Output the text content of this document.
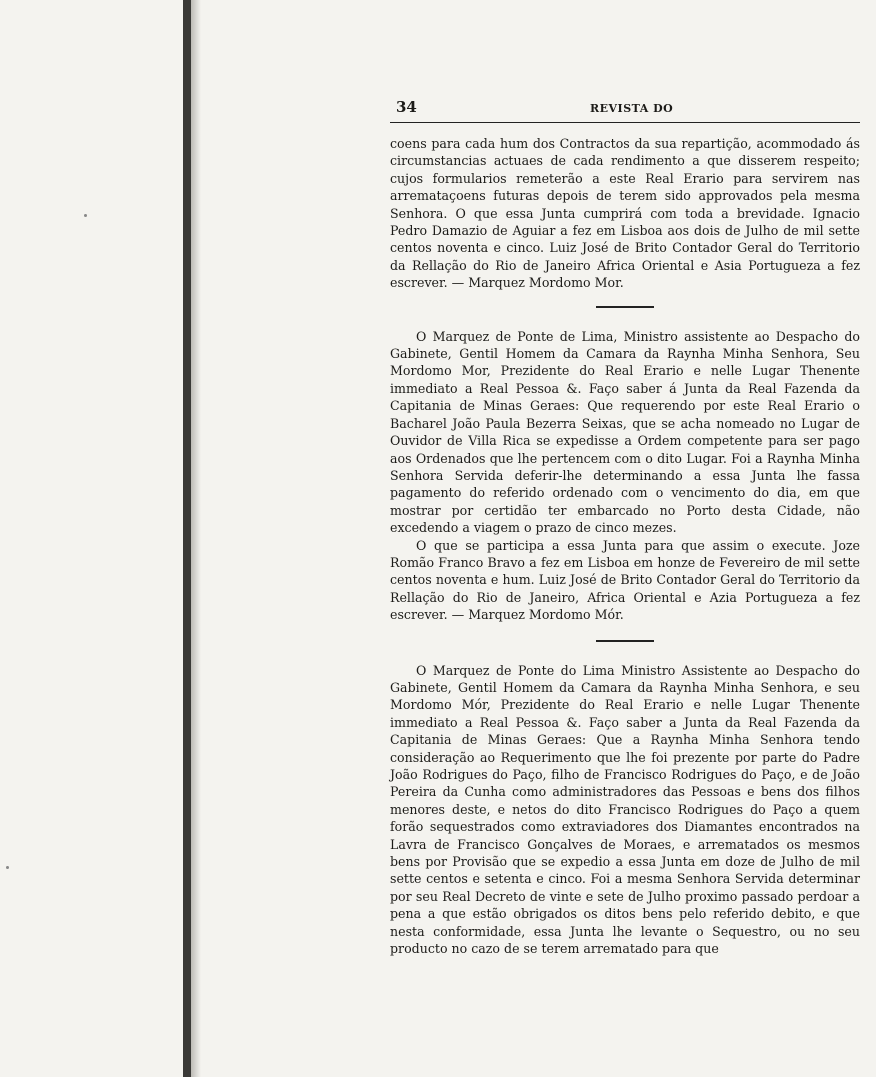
34	REVISTA DO

coens para cada hum dos Contractos da sua repartição, acommodado ás circumstancias actuaes de cada rendimento a que disserem respeito; cujos formularios remeterão a este Real Erario para servirem nas arremataçoens futuras depois de terem sido approvados pela mesma Senhora. O que essa Junta cumprirá com toda a brevidade. Ignacio Pedro Damazio de Aguiar a fez em Lisboa aos dois de Julho de mil sette centos noventa e cinco. Luiz José de Brito Contador Geral do Territorio da Rellação do Rio de Janeiro Africa Oriental e Asia Portugueza a fez escrever. — Marquez Mordomo Mor.

O Marquez de Ponte de Lima, Ministro assistente ao Despacho do Gabinete, Gentil Homem da Camara da Raynha Minha Senhora, Seu Mordomo Mor, Prezidente do Real Erario e nelle Lugar Thenente immediato a Real Pessoa &. Faço saber á Junta da Real Fazenda da Capitania de Minas Geraes: Que requerendo por este Real Erario o Bacharel João Paula Bezerra Seixas, que se acha nomeado no Lugar de Ouvidor de Villa Rica se expedisse a Ordem competente para ser pago aos Ordenados que lhe pertencem com o dito Lugar. Foi a Raynha Minha Senhora Servida deferir-lhe determinando a essa Junta lhe fassa pagamento do referido ordenado com o vencimento do dia, em que mostrar por certidão ter embarcado no Porto desta Cidade, não excedendo a viagem o prazo de cinco mezes.

O que se participa a essa Junta para que assim o execute. Joze Romão Franco Bravo a fez em Lisboa em honze de Fevereiro de mil sette centos noventa e hum. Luiz José de Brito Contador Geral do Territorio da Rellação do Rio de Janeiro, Africa Oriental e Azia Portugueza a fez escrever. — Marquez Mordomo Mór.

O Marquez de Ponte do Lima Ministro Assistente ao Despacho do Gabinete, Gentil Homem da Camara da Raynha Minha Senhora, e seu Mordomo Mór, Prezidente do Real Erario e nelle Lugar Thenente immediato a Real Pessoa &. Faço saber a Junta da Real Fazenda da Capitania de Minas Geraes: Que a Raynha Minha Senhora tendo consideração ao Requerimento que lhe foi prezente por parte do Padre João Rodrigues do Paço, filho de Francisco Rodrigues do Paço, e de João Pereira da Cunha como administradores das Pessoas e bens dos filhos menores deste, e netos do dito Francisco Rodrigues do Paço a quem forão sequestrados como extraviadores dos Diamantes encontrados na Lavra de Francisco Gonçalves de Moraes, e arrematados os mesmos bens por Provisão que se expedio a essa Junta em doze de Julho de mil sette centos e setenta e cinco. Foi a mesma Senhora Servida determinar por seu Real Decreto de vinte e sete de Julho proximo passado perdoar a pena a que estão obrigados os ditos bens pelo referido debito, e que nesta conformidade, essa Junta lhe levante o Sequestro, ou no seu producto no cazo de se terem arrematado para que
